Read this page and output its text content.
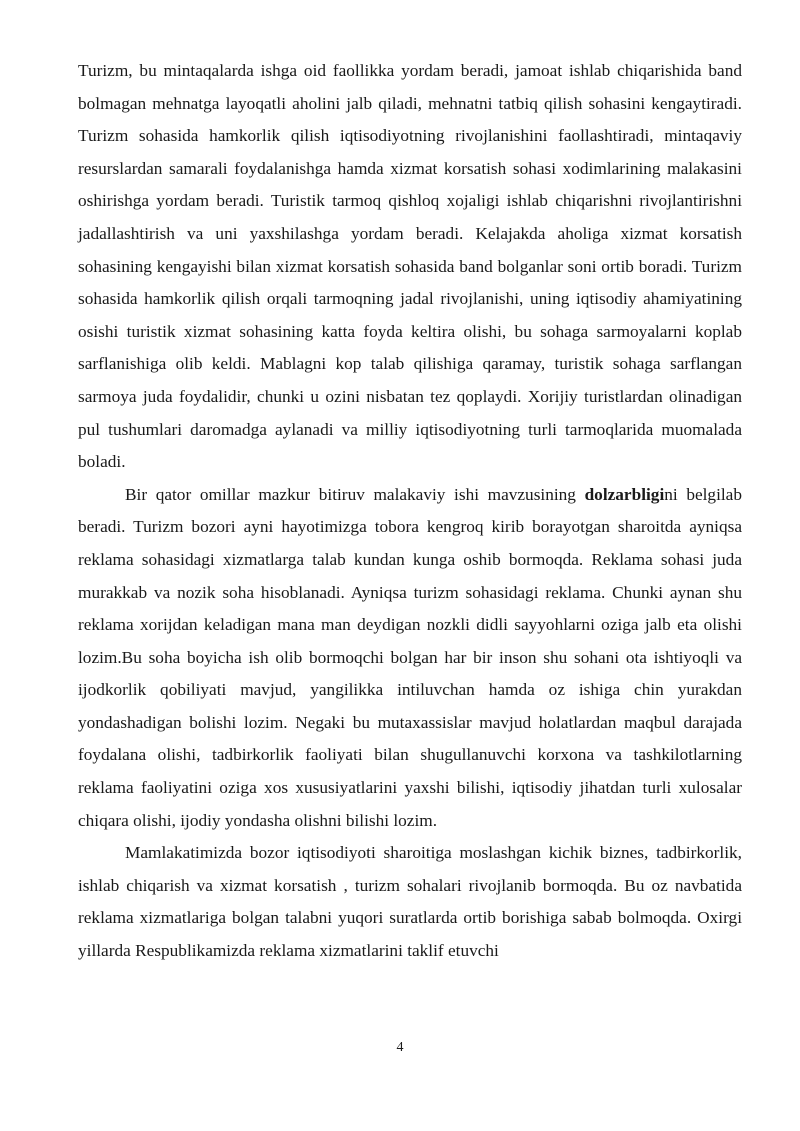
Turizm, bu mintaqalarda ishga oid faollikka yordam beradi, jamoat ishlab chiqarishida band bolmagan mehnatga layoqatli aholini jalb qiladi, mehnatni tatbiq qilish sohasini kengaytiradi. Turizm sohasida hamkorlik qilish iqtisodiyotning rivojlanishini faollashtiradi, mintaqaviy resurslardan samarali foydalanishga hamda xizmat korsatish sohasi xodimlarining malakasini oshirishga yordam beradi. Turistik tarmoq qishloq xojaligi ishlab chiqarishni rivojlantirishni jadallashtirish va uni yaxshilashga yordam beradi. Kelajakda aholiga xizmat korsatish sohasining kengayishi bilan xizmat korsatish sohasida band bolganlar soni ortib boradi. Turizm sohasida hamkorlik qilish orqali tarmoqning jadal rivojlanishi, uning iqtisodiy ahamiyatining osishi turistik xizmat sohasining katta foyda keltira olishi, bu sohaga sarmoyalarni koplab sarflanishiga olib keldi. Mablagni kop talab qilishiga qaramay, turistik sohaga sarflangan sarmoya juda foydalidir, chunki u ozini nisbatan tez qoplaydi. Xorijiy turistlardan olinadigan pul tushumlari daromadga aylanadi va milliy iqtisodiyotning turli tarmoqlarida muomalada boladi.

Bir qator omillar mazkur bitiruv malakaviy ishi mavzusining dolzarbligini belgilab beradi. Turizm bozori ayni hayotimizga tobora kengroq kirib borayotgan sharoitda ayniqsa reklama sohasidagi xizmatlarga talab kundan kunga oshib bormoqda. Reklama sohasi juda murakkab va nozik soha hisoblanadi. Ayniqsa turizm sohasidagi reklama. Chunki aynan shu reklama xorijdan keladigan mana man deydigan nozkli didli sayyohlarni oziga jalb eta olishi lozim.Bu soha boyicha ish olib bormoqchi bolgan har bir inson shu sohani ota ishtiyoqli va ijodkorlik qobiliyati mavjud, yangilikka intiluvchan hamda oz ishiga chin yurakdan yondashadigan bolishi lozim. Negaki bu mutaxassislar mavjud holatlardan maqbul darajada foydalana olishi, tadbirkorlik faoliyati bilan shugullanuvchi korxona va tashkilotlarning reklama faoliyatini oziga xos xususiyatlarini yaxshi bilishi, iqtisodiy jihatdan turli xulosalar chiqara olishi, ijodiy yondasha olishni bilishi lozim.

Mamlakatimizda bozor iqtisodiyoti sharoitiga moslashgan kichik biznes, tadbirkorlik, ishlab chiqarish va xizmat korsatish , turizm sohalari rivojlanib bormoqda. Bu oz navbatida reklama xizmatlariga bolgan talabni yuqori suratlarda ortib borishiga sabab bolmoqda. Oxirgi yillarda Respublikamizda reklama xizmatlarini taklif etuvchi

4
